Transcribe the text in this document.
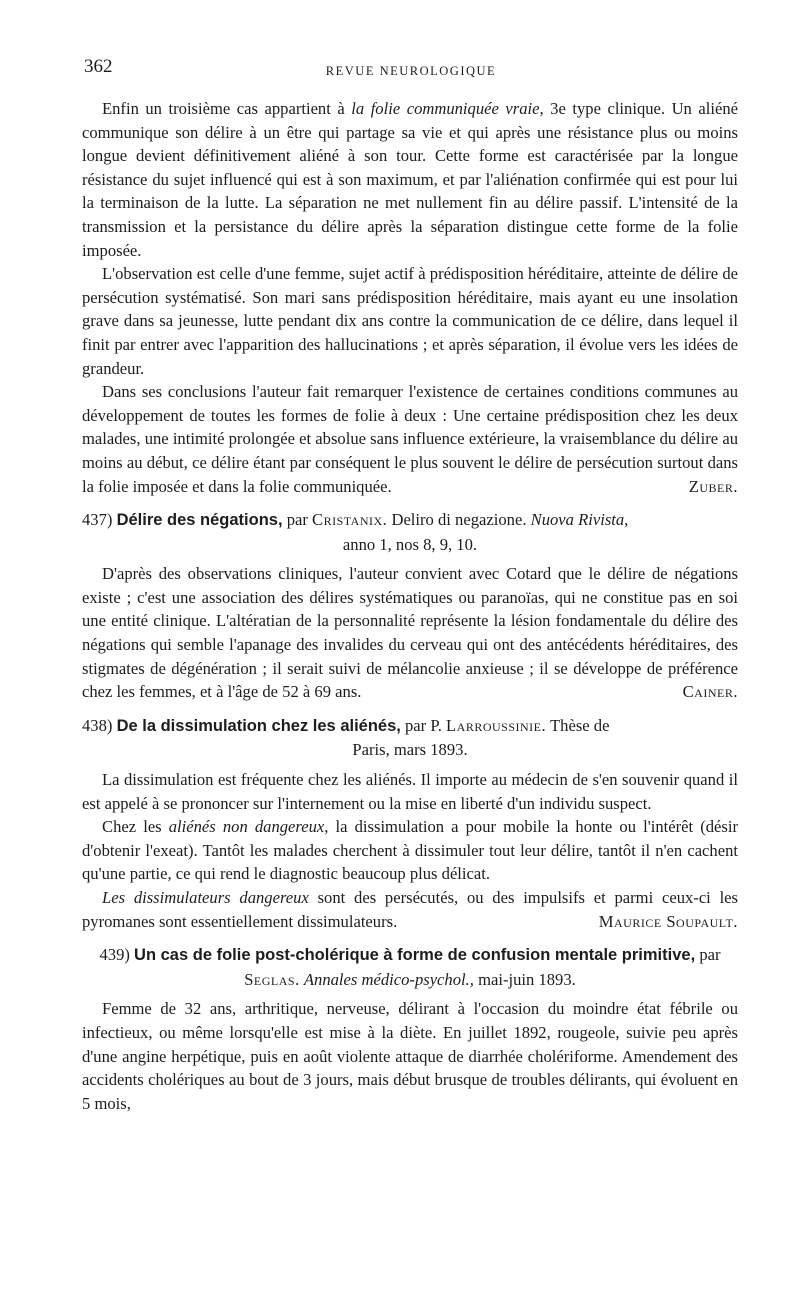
362	REVUE NEUROLOGIQUE

Enfin un troisième cas appartient à la folie communiquée vraie, 3e type clinique. Un aliéné communique son délire à un être qui partage sa vie et qui après une résistance plus ou moins longue devient définitivement aliéné à son tour. Cette forme est caractérisée par la longue résistance du sujet influencé qui est à son maximum, et par l'aliénation confirmée qui est pour lui la terminaison de la lutte. La séparation ne met nullement fin au délire passif. L'intensité de la transmission et la persistance du délire après la séparation distingue cette forme de la folie imposée.

L'observation est celle d'une femme, sujet actif à prédisposition héréditaire, atteinte de délire de persécution systématisé. Son mari sans prédisposition héréditaire, mais ayant eu une insolation grave dans sa jeunesse, lutte pendant dix ans contre la communication de ce délire, dans lequel il finit par entrer avec l'apparition des hallucinations ; et après séparation, il évolue vers les idées de grandeur.

Dans ses conclusions l'auteur fait remarquer l'existence de certaines conditions communes au développement de toutes les formes de folie à deux : Une certaine prédisposition chez les deux malades, une intimité prolongée et absolue sans influence extérieure, la vraisemblance du délire au moins au début, ce délire étant par conséquent le plus souvent le délire de persécution surtout dans la folie imposée et dans la folie communiquée.	Zuber.

437) Délire des négations, par Cristanix. Deliro di negazione. Nuova Rivista,

anno 1, nos 8, 9, 10.

D'après des observations cliniques, l'auteur convient avec Cotard que le délire de négations existe ; c'est une association des délires systématiques ou paranoïas, qui ne constitue pas en soi une entité clinique. L'altératian de la personnalité représente la lésion fondamentale du délire des négations qui semble l'apanage des invalides du cerveau qui ont des antécédents héréditaires, des stigmates de dégénération ; il serait suivi de mélancolie anxieuse ; il se développe de préférence chez les femmes, et à l'âge de 52 à 69 ans.	Cainer.

438) De la dissimulation chez les aliénés, par P. Larroussinie. Thèse de

Paris, mars 1893.

La dissimulation est fréquente chez les aliénés. Il importe au médecin de s'en souvenir quand il est appelé à se prononcer sur l'internement ou la mise en liberté d'un individu suspect.

Chez les aliénés non dangereux, la dissimulation a pour mobile la honte ou l'intérêt (désir d'obtenir l'exeat). Tantôt les malades cherchent à dissimuler tout leur délire, tantôt il n'en cachent qu'une partie, ce qui rend le diagnostic beaucoup plus délicat.

Les dissimulateurs dangereux sont des persécutés, ou des impulsifs et parmi ceux-ci les pyromanes sont essentiellement dissimulateurs.	Maurice Soupault.

439) Un cas de folie post-cholérique à forme de confusion mentale primitive, par Seglas. Annales médico-psychol., mai-juin 1893.

Femme de 32 ans, arthritique, nerveuse, délirant à l'occasion du moindre état fébrile ou infectieux, ou même lorsqu'elle est mise à la diète. En juillet 1892, rougeole, suivie peu après d'une angine herpétique, puis en août violente attaque de diarrhée cholériforme. Amendement des accidents cholériques au bout de 3 jours, mais début brusque de troubles délirants, qui évoluent en 5 mois,
